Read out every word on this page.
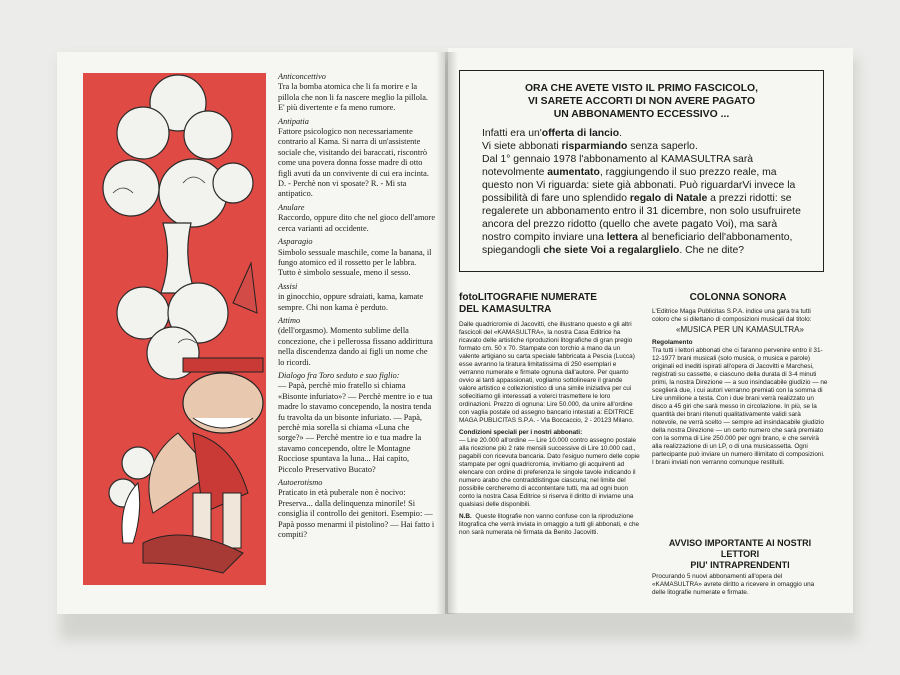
Anticoncettivo

Tra la bomba atomica che li fa morire e la pillola che non li fa nascere meglio la pillola. E' più divertente e fa meno rumore.

Antipatia

Fattore psicologico non necessariamente contrario al Kama. Si narra di un'assistente sociale che, visitando dei baraccati, riscontrò come una povera donna fosse madre di otto figli avuti da un convivente di cui era incinta. D. - Perchè non vi sposate? R. - Mi sta antipatico.

Anulare

Raccordo, oppure dito che nel gioco dell'amore cerca varianti ad occidente.

Asparagio

Simbolo sessuale maschile, come la banana, il fungo atomico ed il rossetto per le labbra. Tutto è simbolo sessuale, meno il sesso.

Assisi

in ginocchio, oppure sdraiati, kama, kamate sempre. Chi non kama è perduto.

Attimo

(dell'orgasmo). Momento sublime della concezione, che i pellerossa fissano addirittura nella discendenza dando ai figli un nome che lo ricordi.

Dialogo fra Toro seduto e suo figlio:

— Papà, perchè mio fratello si chiama «Bisonte infuriato»? — Perchè mentre io e tua madre lo stavamo concependo, la nostra tenda fu travolta da un bisonte infuriato. — Papà, perchè mia sorella si chiama «Luna che sorge?» — Perchè mentre io e tua madre la stavamo concependo, oltre le Montagne Rocciose spuntava la luna... Hai capito, Piccolo Preservativo Bucato?

Autoerotismo

Praticato in età puberale non è nocivo: Preserva... dalla delinquenza minorile! Si consiglia il controllo dei genitori. Esempio: — Papà posso menarmi il pistolino? — Hai fatto i compiti?

ORA CHE AVETE VISTO IL PRIMO FASCICOLO,
VI SARETE ACCORTI DI NON AVERE PAGATO
UN ABBONAMENTO ECCESSIVO ...
Infatti era un'offerta di lancio.
Vi siete abbonati risparmiando senza saperlo.
Dal 1° gennaio 1978 l'abbonamento al KAMASULTRA sarà notevolmente aumentato, raggiungendo il suo prezzo reale, ma questo non Vi riguarda: siete già abbonati. Può riguardarVi invece la possibilità di fare uno splendido regalo di Natale a prezzi ridotti: se regalerete un abbonamento entro il 31 dicembre, non solo usufruirete ancora del prezzo ridotto (quello che avete pagato Voi), ma sarà nostro compito inviare una lettera al beneficiario dell'abbonamento, spiegandogli che siete Voi a regalarglielo. Che ne dite?
fotoLITOGRAFIE NUMERATE
DEL KAMASULTRA

Dalle quadricromie di Jacovitti, che illustrano questo e gli altri fascicoli del «KAMASULTRA», la nostra Casa Editrice ha ricavato delle artistiche riproduzioni litografiche di gran pregio formato cm. 50 x 70. Stampate con torchio a mano da un valente artigiano su carta speciale fabbricata a Pescia (Lucca) esse avranno la tiratura limitatissima di 250 esemplari e verranno numerate e firmate ognuna dall'autore. Per quanto ovvio ai tanti appassionati, vogliamo sottolineare il grande valore artistico e collezionistico di una simile iniziativa per cui sollecitiamo gli interessati a volerci trasmettere le loro ordinazioni. Prezzo di ognuna: Lire 50.000, da unire all'ordine con vaglia postale od assegno bancario intestati a: EDITRICE MAGA PUBLICITAS S.P.A. - Via Boccaccio, 2 - 20123 Milano.

Condizioni speciali per i nostri abbonati:

— Lire 20.000 all'ordine — Lire 10.000 contro assegno postale alla ricezione più 2 rate mensili successive di Lire 10.000 cad., pagabili con ricevuta bancaria. Dato l'esiguo numero delle copie stampate per ogni quadricromia, invitiamo gli acquirenti ad elencare con ordine di preferenza le singole tavole indicando il numero arabo che contraddistingue ciascuna; nel limite del possibile cercheremo di accontentare tutti, ma ad ogni buon conto la nostra Casa Editrice si riserva il diritto di inviarne una qualsiasi delle disponibili.

N.B. Queste litografie non vanno confuse con la riproduzione litografica che verrà inviata in omaggio a tutti gli abbonati, e che non sarà numerata nè firmata da Benito Jacovitti.

COLONNA SONORA

L'Editrice Maga Publicitas S.P.A. indice una gara tra tutti coloro che si dilettano di composizioni musicali dal titolo:

«MUSICA PER UN KAMASULTRA»

Regolamento

Tra tutti i lettori abbonati che ci faranno pervenire entro il 31-12-1977 brani musicali (solo musica, o musica e parole) originali ed inediti ispirati all'opera di Jacovitti e Marchesi, registrati su cassette, e ciascuno della durata di 3-4 minuti primi, la nostra Direzione — a suo insindacabile giudizio — ne sceglierà due, i cui autori verranno premiati con la somma di Lire unmilione a testa. Con i due brani verrà realizzato un disco a 45 giri che sarà messo in circolazione. In più, se la quantità dei brani ritenuti qualitativamente validi sarà notevole, ne verrà scelto — sempre ad insindacabile giudizio della nostra Direzione — un certo numero che sarà premiato con la somma di Lire 250.000 per ogni brano, e che servirà alla realizzazione di un LP, o di una musicassetta. Ogni partecipante può inviare un numero illimitato di composizioni. I brani inviati non verranno comunque restituiti.

AVVISO IMPORTANTE AI NOSTRI
LETTORI
PIU' INTRAPRENDENTI
Procurando 5 nuovi abbonamenti all'opera del «KAMASULTRA» avrete diritto a ricevere in omaggio una delle litografie numerate e firmate.
